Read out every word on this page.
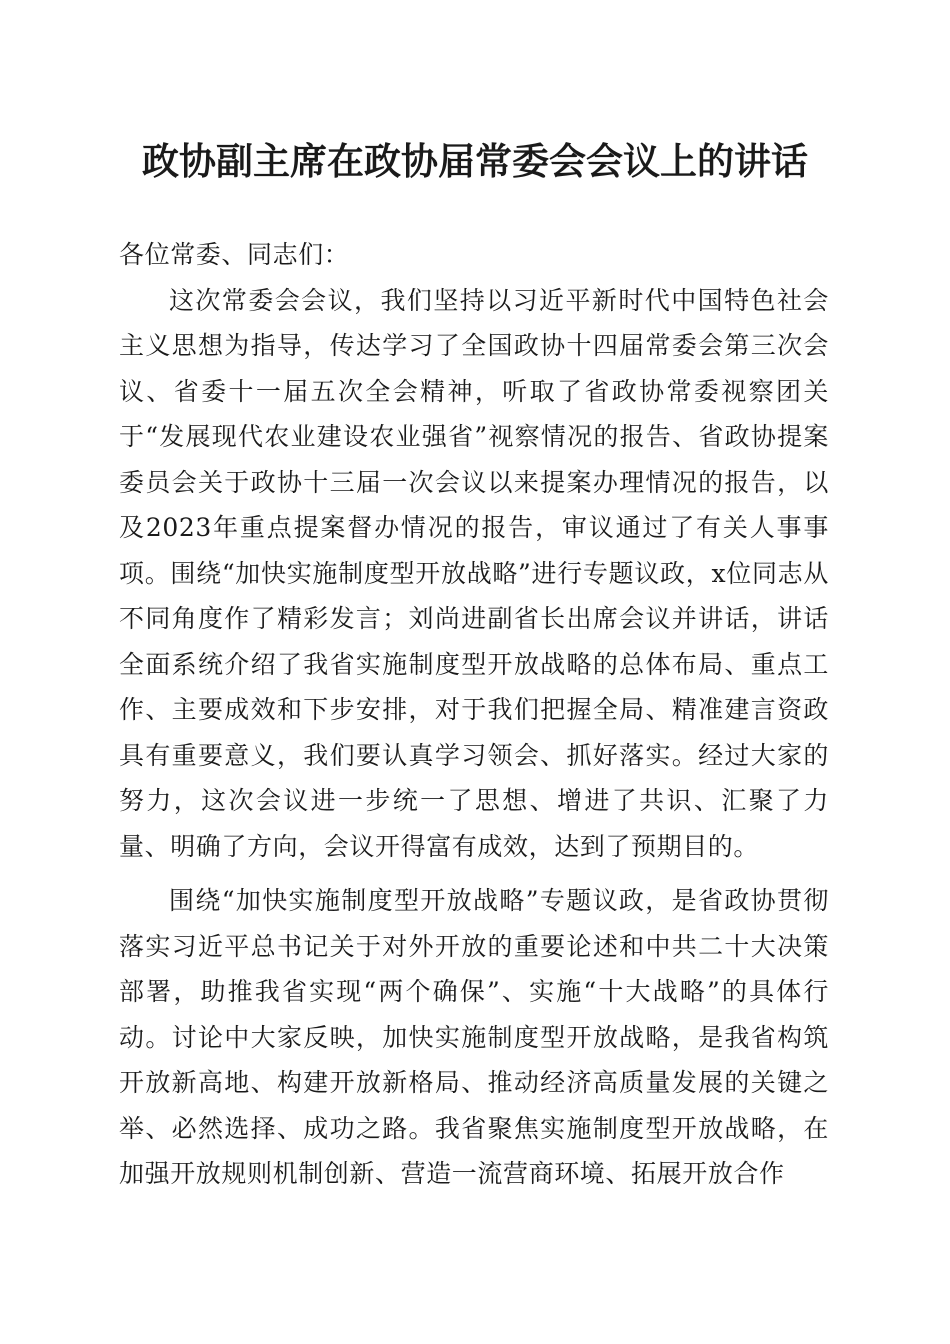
政协副主席在政协届常委会会议上的讲话

各位常委、同志们：

这次常委会会议，我们坚持以习近平新时代中国特色社会主义思想为指导，传达学习了全国政协十四届常委会第三次会议、省委十一届五次全会精神，听取了省政协常委视察团关于“发展现代农业建设农业强省”视察情况的报告、省政协提案委员会关于政协十三届一次会议以来提案办理情况的报告，以及2023年重点提案督办情况的报告，审议通过了有关人事事项。围绕“加快实施制度型开放战略”进行专题议政，x位同志从不同角度作了精彩发言；刘尚进副省长出席会议并讲话，讲话全面系统介绍了我省实施制度型开放战略的总体布局、重点工作、主要成效和下步安排，对于我们把握全局、精准建言资政具有重要意义，我们要认真学习领会、抓好落实。经过大家的努力，这次会议进一步统一了思想、增进了共识、汇聚了力量、明确了方向，会议开得富有成效，达到了预期目的。

围绕“加快实施制度型开放战略”专题议政，是省政协贯彻落实习近平总书记关于对外开放的重要论述和中共二十大决策部署，助推我省实现“两个确保”、实施“十大战略”的具体行动。讨论中大家反映，加快实施制度型开放战略，是我省构筑开放新高地、构建开放新格局、推动经济高质量发展的关键之举、必然选择、成功之路。我省聚焦实施制度型开放战略，在加强开放规则机制创新、营造一流营商环境、拓展开放合作
